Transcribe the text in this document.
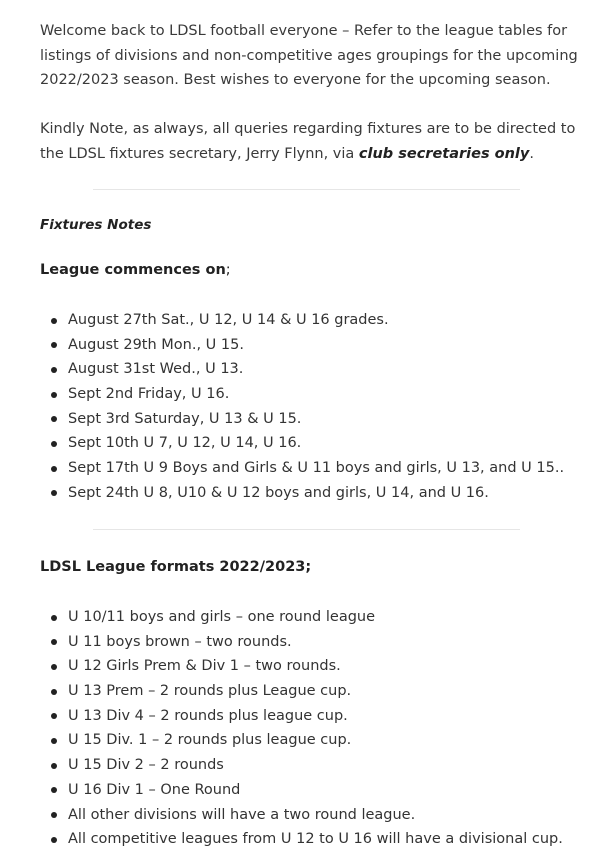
Welcome back to LDSL football everyone – Refer to the league tables for listings of divisions and non-competitive ages groupings for the upcoming 2022/2023 season. Best wishes to everyone for the upcoming season.

Kindly Note, as always, all queries regarding fixtures are to be directed to the LDSL fixtures secretary, Jerry Flynn, via club secretaries only.

Fixtures Notes

League commences on;

August 27th Sat., U 12, U 14 & U 16 grades.
August 29th Mon., U 15.
August 31st Wed., U 13.
Sept 2nd Friday, U 16.
Sept 3rd Saturday, U 13 & U 15.
Sept 10th U 7, U 12, U 14, U 16.
Sept 17th U 9 Boys and Girls & U 11 boys and girls, U 13, and U 15..
Sept 24th U 8, U10 & U 12 boys and girls, U 14, and U 16.

LDSL League formats 2022/2023;

U 10/11 boys and girls – one round league
U 11 boys brown – two rounds.
U 12 Girls Prem & Div 1 – two rounds.
U 13 Prem – 2 rounds plus League cup.
U 13 Div 4 – 2 rounds plus league cup.
U 15 Div. 1 – 2 rounds plus league cup.
U 15 Div 2 – 2 rounds
U 16 Div 1 – One Round
All other divisions will have a two round league.
All competitive leagues from U 12 to U 16 will have a divisional cup.
